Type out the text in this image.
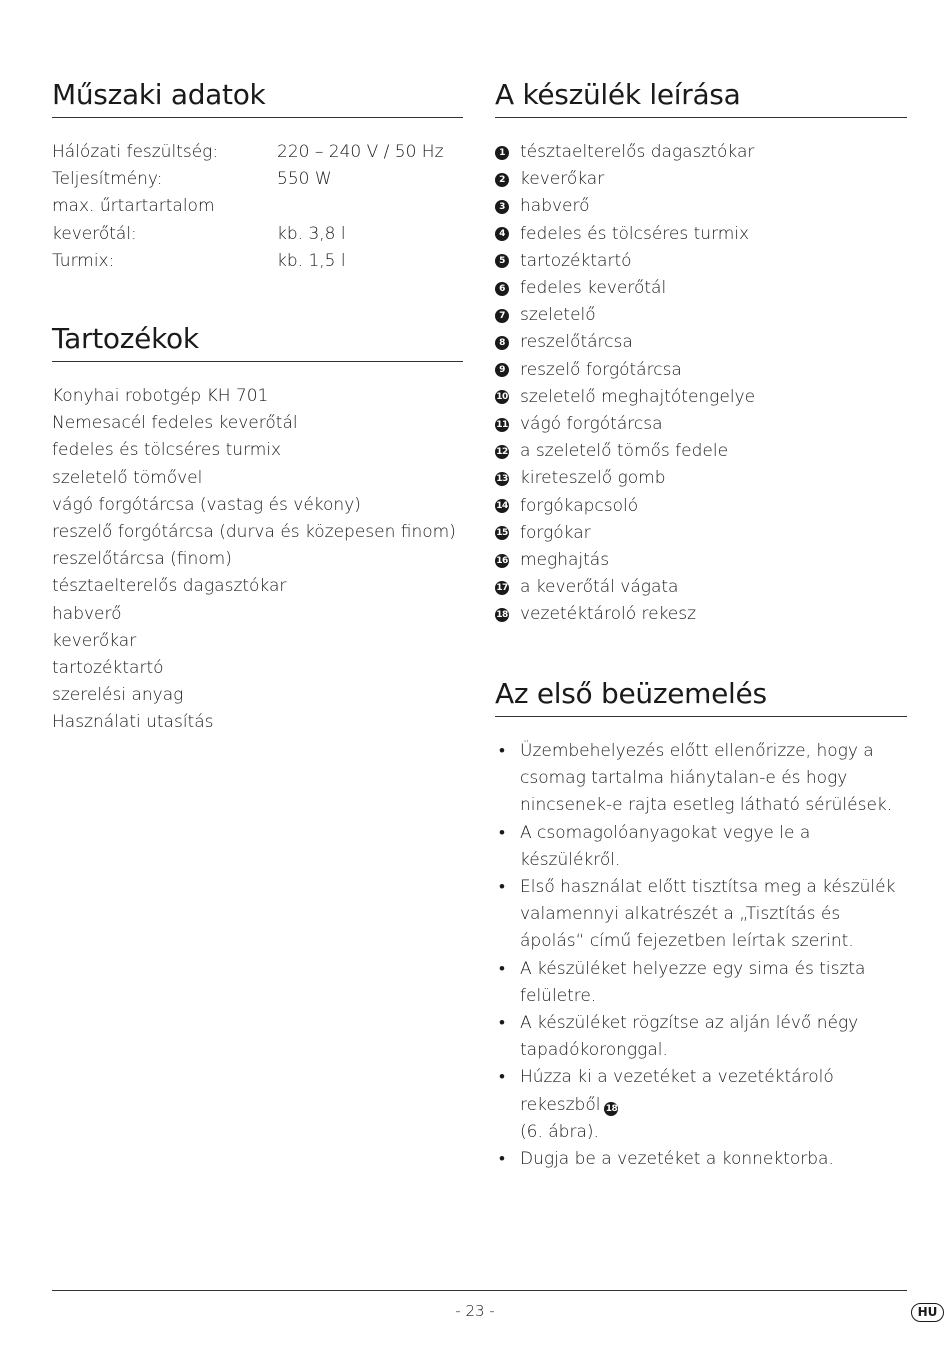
Műszaki adatok
Hálózati feszültség:	220 – 240 V / 50 Hz
Teljesítmény:	550 W
max. űrtartartalom
keverőtál:	kb. 3,8 l
Turmix:	kb. 1,5 l
Tartozékok
Konyhai robotgép KH 701
Nemesacél fedeles keverőtál
fedeles és tölcséres turmix
szeletelő tömővel
vágó forgótárcsa (vastag és vékony)
reszelő forgótárcsa (durva és közepesen finom)
reszelőtárcsa (finom)
tésztaelterelős dagasztókar
habverő
keverőkar
tartozéktartó
szerelési anyag
Használati utasítás
A készülék leírása
1 tésztaelterelős dagasztókar
2 keverőkar
3 habverő
4 fedeles és tölcséres turmix
5 tartozéktartó
6 fedeles keverőtál
7 szeletelő
8 reszelőtárcsa
9 reszelő forgótárcsa
10 szeletelő meghajtótengelye
11 vágó forgótárcsa
12 a szeletelő tömős fedele
13 kireteszelő gomb
14 forgókapcsoló
15 forgókar
16 meghajtás
17 a keverőtál vágata
18 vezetéktároló rekesz
Az első beüzemelés
• Üzembehelyezés előtt ellenőrizze, hogy a csomag tartalma hiánytalan-e és hogy nincsenek-e rajta esetleg látható sérülések.
• A csomagolóanyagokat vegye le a készülékről.
• Első használat előtt tisztítsa meg a készülék valamennyi alkatrészét a „Tisztítás és ápolás“ című fejezetben leírtak szerint.
• A készüléket helyezze egy sima és tiszta felületre.
• A készüléket rögzítse az alján lévő négy tapadókoronggal.
• Húzza ki a vezetéket a vezetéktároló rekeszből 18
(6. ábra).
• Dugja be a vezetéket a konnektorba.
- 23 -	HU
